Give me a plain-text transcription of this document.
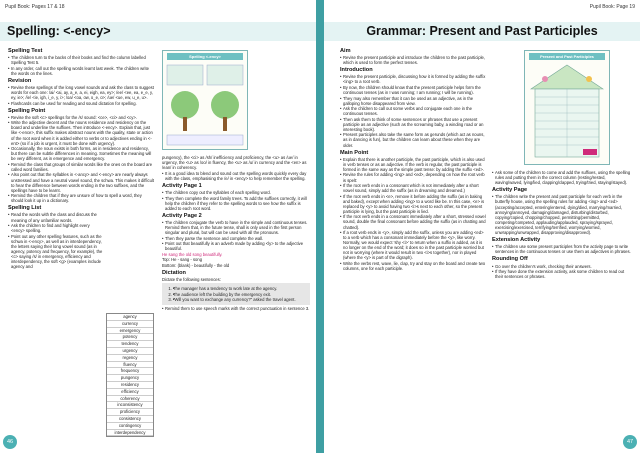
Pupil Book: Pages 17 & 18
Spelling: <-ency>
Spelling Test
• The children turn to the backs of their books and find the column labelled Spelling Test 5.
• In any order, call out the spelling words learnt last week. The children write the words on the lines.
Revision
• Revise these spellings of the long vowel sounds and ask the class to suggest words for each one: /ai/ <ai, ay, a_e, a, ei, eigh, ea, ey>; /ee/ <ee, ea, e_e, y, ey, ie>; /ie/ <ie, igh, i_e, y, i>; /oa/ <oa, ow, o_e, o>; /ue/ <ue, ew, u_e, u>.
• Flashcards can be used for reading and sound dictation for spelling.
Spelling Point
• Revise the soft <c> spellings for the /s/ sound: <ce>, <ci> and <cy>.
• Write the adjective decent and the nouns residence and residency on the board and underline the suffixes. Then introduce <-ency>. Explain that, just like <-ence>, this suffix makes abstract nouns with the quality, state or action of the root word when it is added either to verbs or to adjectives ending in <-ent> (so if a job is urgent, it must be done with urgency).
• Occasionally, the noun exists in both forms, as in residence and residency, but there can be subtle differences in meaning. Sometimes the meaning will be very different, as in emergence and emergency.
• Remind the class that groups of similar words like the ones on the board are called word families.
• Also point out that the syllables in <-ancy> and <-ency> are nearly always unstressed and have a neutral vowel sound, the schwa. This makes it difficult to hear the difference between words ending in the two suffixes, and the spellings have to be learnt.
• Remind the children that if they are unsure of how to spell a word, they should look it up in a dictionary.
Spelling List
• Read the words with the class and discuss the meaning of any unfamiliar words.
• Ask the children to find and highlight every <ency> spelling.
• Point out any other spelling features, such as the schwa in <-ency>, as well as in interdependency, the letters saying their long vowel sound (as in agency, potency and frequency, for example), the <c> saying /s/ in emergency, efficiency and interdependency, the soft <g> (examples include agency and
agency
currency
emergency
potency
tendency
urgency
regency
fluency
frequency
pungency
residency
efficiency
coherency
inconsistency
proficiency
consistency
contingency
interdependency
Spelling <-ency>

pungency), the <ci> as /sh/ inefficiency and proficiency, the <u> as /ue/ in urgency, the <u> as /oo/ in fluency, the <u> as /u/ in currency and the <en> as /ean/ in coherency.

• It is a good idea to blend and sound out the spelling words quickly every day with the class, emphasising the /e/ in <ency> to help remember the spelling.
Activity Page 1
• The children copy out the syllables of each spelling word.
• They then complete the word family trees. To add the suffixes correctly, it will help the children if they refer to the spelling words to see how the suffix is added to each root word.
Activity Page 2
• The children conjugate the verb to have in the simple and continuous tenses. Remind them that, in the future tense, shall is only used in the first person singular and plural, but will can be used with all the pronouns.
• Then they parse the sentence and complete the wall.
• Point out that beautifully is an adverb made by adding <ly> to the adjective beautiful.

He sang the old song beautifully.

Top: He - sang - song

Bottom: (blank) - beautifully - the old

Dictation

Dictate the following sentences:

• 1. The manager has a tendency to work late at the agency.
• 2. The audience left the building by the emergency exit.
• 3. "Will you want to exchange any currency?" asked the travel agent.
• Remind them to use speech marks with the correct punctuation in sentence 3.
46
Pupil Book: Page 19
Grammar: Present and Past Participles
Aim
• Revise the present participle and introduce the children to the past participle, which is used to form the perfect tenses.
Introduction
• Revise the present participle, discussing how it is formed by adding the suffix <ing> to a root verb.
• By now, the children should know that the present participle helps form the continuous tenses (as in I was running; I am running; I will be running).
• They may also remember that it can be used as an adjective, as in the galloping horse disappeared from view.
• Ask the children to call out some verbs and conjugate each one in the continuous tenses.
• Then ask them to think of some sentences or phrases that use a present participle as an adjective (such as the screaming baby, a winding road or an interesting book).
• Present participles also take the same form as gerunds (which act as nouns, as in dancing is fun), but the children can learn about these when they are older.
Main Point
• Explain that there is another participle, the past participle, which is also used in verb tenses or as an adjective. If the verb is regular, the past participle is formed in the same way as the simple past tense: by adding the suffix <ed>.
• Revise the rules for adding <ing> and <ed>, depending on how the root verb is spelt:
• If the root verb ends in a consonant which is not immediately after a short vowel sound, simply add the suffix (as in dreaming and dreamed.)
• If the root verb ends in <e>, remove it before adding the suffix (as in baking and baked), except when adding <ing> to a word like be. In this case, <e> is replaced by <y> to avoid having two <i>s next to each other, so the present participle is lying, but the past participle is lied.
• If the root verb ends in a consonant immediately after a short, stressed vowel sound, double the final consonant before adding the suffix (as in chatting and chatted).
• If a root verb ends in <y>, simply add the suffix, unless you are adding <ed> to a verb which has a consonant immediately before the <y>, like worry. Normally, we would expect 'shy <i>' to return when a suffix is added, as it is no longer on the end of the word; it does so in the past participle worried but not in worrying (where it would result in two <i>s together), nor in played (where the <y> is part of the digraph).
• Write the verbs rest, wave, lie, clap, try and stay on the board and create two columns, one for each participle.
Present and Past Participles
• Ask some of the children to come and add the suffixes, using the spelling rules and putting them in the correct column (resting/rested, waving/waved, lying/lied, clapping/clapped, trying/tried, staying/stayed).
Activity Page
• The children write the present and past participle for each verb in the butterfly house, using the spelling rules for adding <ing> and <ed> (accepting/accepted, entering/entered, dying/died, marrying/married, annoying/annoyed, damaging/damaged, disturbing/disturbed, copying/copied, chopping/chopped, permitting/permitted, competing/competed, applauding/applauded, spraying/sprayed, exercising/exercised, terrifying/terrified, worrying/worried, unwrapping/unwrapped, disapproving/disapproved).
Extension Activity
• The children use some present participles from the activity page to write sentences in the continuous tenses or use them as adjectives in phrases.
Rounding Off
• Go over the children's work, checking their answers.
• If they have done the extension activity, ask some children to read out their sentences or phrases.
47
